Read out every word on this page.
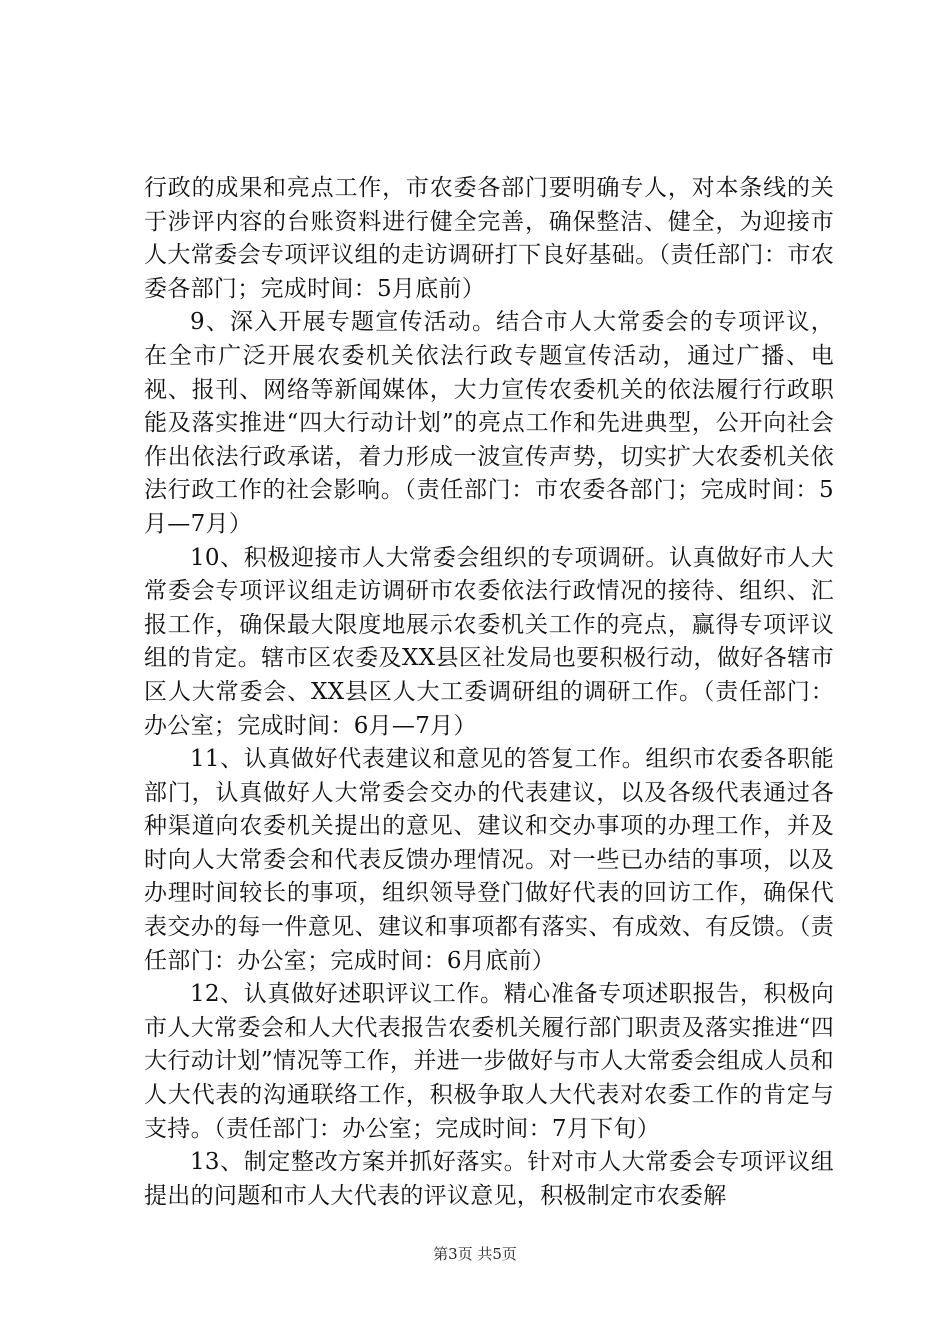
行政的成果和亮点工作，市农委各部门要明确专人，对本条线的关于涉评内容的台账资料进行健全完善，确保整洁、健全，为迎接市人大常委会专项评议组的走访调研打下良好基础。（责任部门：市农委各部门；完成时间：5月底前）

9、深入开展专题宣传活动。结合市人大常委会的专项评议，在全市广泛开展农委机关依法行政专题宣传活动，通过广播、电视、报刊、网络等新闻媒体，大力宣传农委机关的依法履行行政职能及落实推进“四大行动计划”的亮点工作和先进典型，公开向社会作出依法行政承诺，着力形成一波宣传声势，切实扩大农委机关依法行政工作的社会影响。（责任部门：市农委各部门；完成时间：5月—7月）

10、积极迎接市人大常委会组织的专项调研。认真做好市人大常委会专项评议组走访调研市农委依法行政情况的接待、组织、汇报工作，确保最大限度地展示农委机关工作的亮点，赢得专项评议组的肯定。辖市区农委及XX县区社发局也要积极行动，做好各辖市区人大常委会、XX县区人大工委调研组的调研工作。（责任部门：办公室；完成时间：6月—7月）

11、认真做好代表建议和意见的答复工作。组织市农委各职能部门，认真做好人大常委会交办的代表建议，以及各级代表通过各种渠道向农委机关提出的意见、建议和交办事项的办理工作，并及时向人大常委会和代表反馈办理情况。对一些已办结的事项，以及办理时间较长的事项，组织领导登门做好代表的回访工作，确保代表交办的每一件意见、建议和事项都有落实、有成效、有反馈。（责任部门：办公室；完成时间：6月底前）

12、认真做好述职评议工作。精心准备专项述职报告，积极向市人大常委会和人大代表报告农委机关履行部门职责及落实推进“四大行动计划”情况等工作，并进一步做好与市人大常委会组成人员和人大代表的沟通联络工作，积极争取人大代表对农委工作的肯定与支持。（责任部门：办公室；完成时间：7月下旬）

13、制定整改方案并抓好落实。针对市人大常委会专项评议组提出的问题和市人大代表的评议意见，积极制定市农委解

第3页 共5页
